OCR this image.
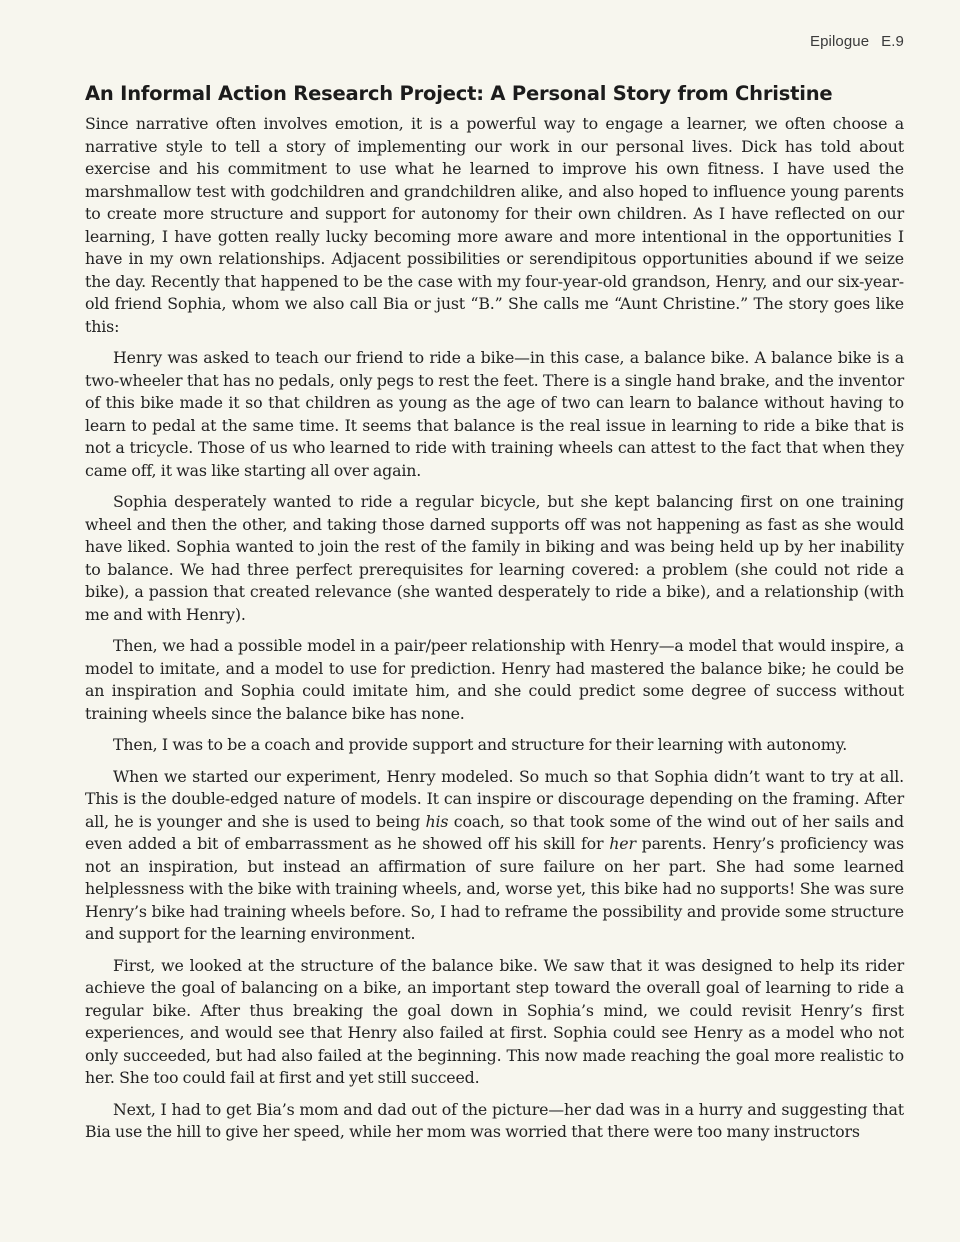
Epilogue E.9
An Informal Action Research Project: A Personal Story from Christine

Since narrative often involves emotion, it is a powerful way to engage a learner, we often choose a narrative style to tell a story of implementing our work in our personal lives. Dick has told about exercise and his commitment to use what he learned to improve his own fitness. I have used the marshmallow test with godchildren and grandchildren alike, and also hoped to influence young parents to create more structure and support for autonomy for their own children. As I have reflected on our learning, I have gotten really lucky becoming more aware and more intentional in the opportunities I have in my own relationships. Adjacent possibilities or serendipitous opportunities abound if we seize the day. Recently that happened to be the case with my four-year-old grandson, Henry, and our six-year-old friend Sophia, whom we also call Bia or just “B.” She calls me “Aunt Christine.” The story goes like this:

Henry was asked to teach our friend to ride a bike—in this case, a balance bike. A balance bike is a two-wheeler that has no pedals, only pegs to rest the feet. There is a single hand brake, and the inventor of this bike made it so that children as young as the age of two can learn to balance without having to learn to pedal at the same time. It seems that balance is the real issue in learning to ride a bike that is not a tricycle. Those of us who learned to ride with training wheels can attest to the fact that when they came off, it was like starting all over again.

Sophia desperately wanted to ride a regular bicycle, but she kept balancing first on one training wheel and then the other, and taking those darned supports off was not happening as fast as she would have liked. Sophia wanted to join the rest of the family in biking and was being held up by her inability to balance. We had three perfect prerequisites for learning covered: a problem (she could not ride a bike), a passion that created relevance (she wanted desperately to ride a bike), and a relationship (with me and with Henry).

Then, we had a possible model in a pair/peer relationship with Henry—a model that would inspire, a model to imitate, and a model to use for prediction. Henry had mastered the balance bike; he could be an inspiration and Sophia could imitate him, and she could predict some degree of success without training wheels since the balance bike has none.

Then, I was to be a coach and provide support and structure for their learning with autonomy.

When we started our experiment, Henry modeled. So much so that Sophia didn’t want to try at all. This is the double-edged nature of models. It can inspire or discourage depending on the framing. After all, he is younger and she is used to being his coach, so that took some of the wind out of her sails and even added a bit of embarrassment as he showed off his skill for her parents. Henry’s proficiency was not an inspiration, but instead an affirmation of sure failure on her part. She had some learned helplessness with the bike with training wheels, and, worse yet, this bike had no supports! She was sure Henry’s bike had training wheels before. So, I had to reframe the possibility and provide some structure and support for the learning environment.

First, we looked at the structure of the balance bike. We saw that it was designed to help its rider achieve the goal of balancing on a bike, an important step toward the overall goal of learning to ride a regular bike. After thus breaking the goal down in Sophia’s mind, we could revisit Henry’s first experiences, and would see that Henry also failed at first. Sophia could see Henry as a model who not only succeeded, but had also failed at the beginning. This now made reaching the goal more realistic to her. She too could fail at first and yet still succeed.

Next, I had to get Bia’s mom and dad out of the picture—her dad was in a hurry and suggesting that Bia use the hill to give her speed, while her mom was worried that there were too many instructors
